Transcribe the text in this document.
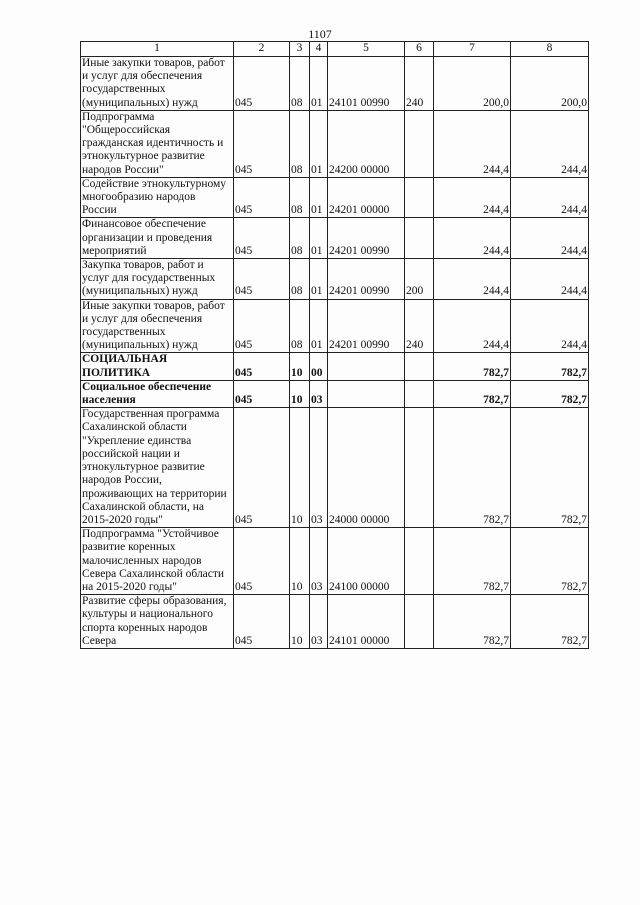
1107
1	2	3	4	5	6	7	8
Иные закупки товаров, работ и услуг для обеспечения государственных (муниципальных) нужд	045	08	01	24101 00990	240	200,0	200,0
Подпрограмма "Общероссийская гражданская идентичность и этнокультурное развитие народов России"	045	08	01	24200 00000		244,4	244,4
Содействие этнокультурному многообразию народов России	045	08	01	24201 00000		244,4	244,4
Финансовое обеспечение организации и проведения мероприятий	045	08	01	24201 00990		244,4	244,4
Закупка товаров, работ и услуг для государственных (муниципальных) нужд	045	08	01	24201 00990	200	244,4	244,4
Иные закупки товаров, работ и услуг для обеспечения государственных (муниципальных) нужд	045	08	01	24201 00990	240	244,4	244,4
СОЦИАЛЬНАЯ ПОЛИТИКА	045	10	00			782,7	782,7
Социальное обеспечение населения	045	10	03			782,7	782,7
Государственная программа Сахалинской области "Укрепление единства российской нации и этнокультурное развитие народов России, проживающих на территории Сахалинской области, на 2015-2020 годы"	045	10	03	24000 00000		782,7	782,7
Подпрограмма "Устойчивое развитие коренных малочисленных народов Севера Сахалинской области на 2015-2020 годы"	045	10	03	24100 00000		782,7	782,7
Развитие сферы образования, культуры и национального спорта коренных народов Севера	045	10	03	24101 00000		782,7	782,7
